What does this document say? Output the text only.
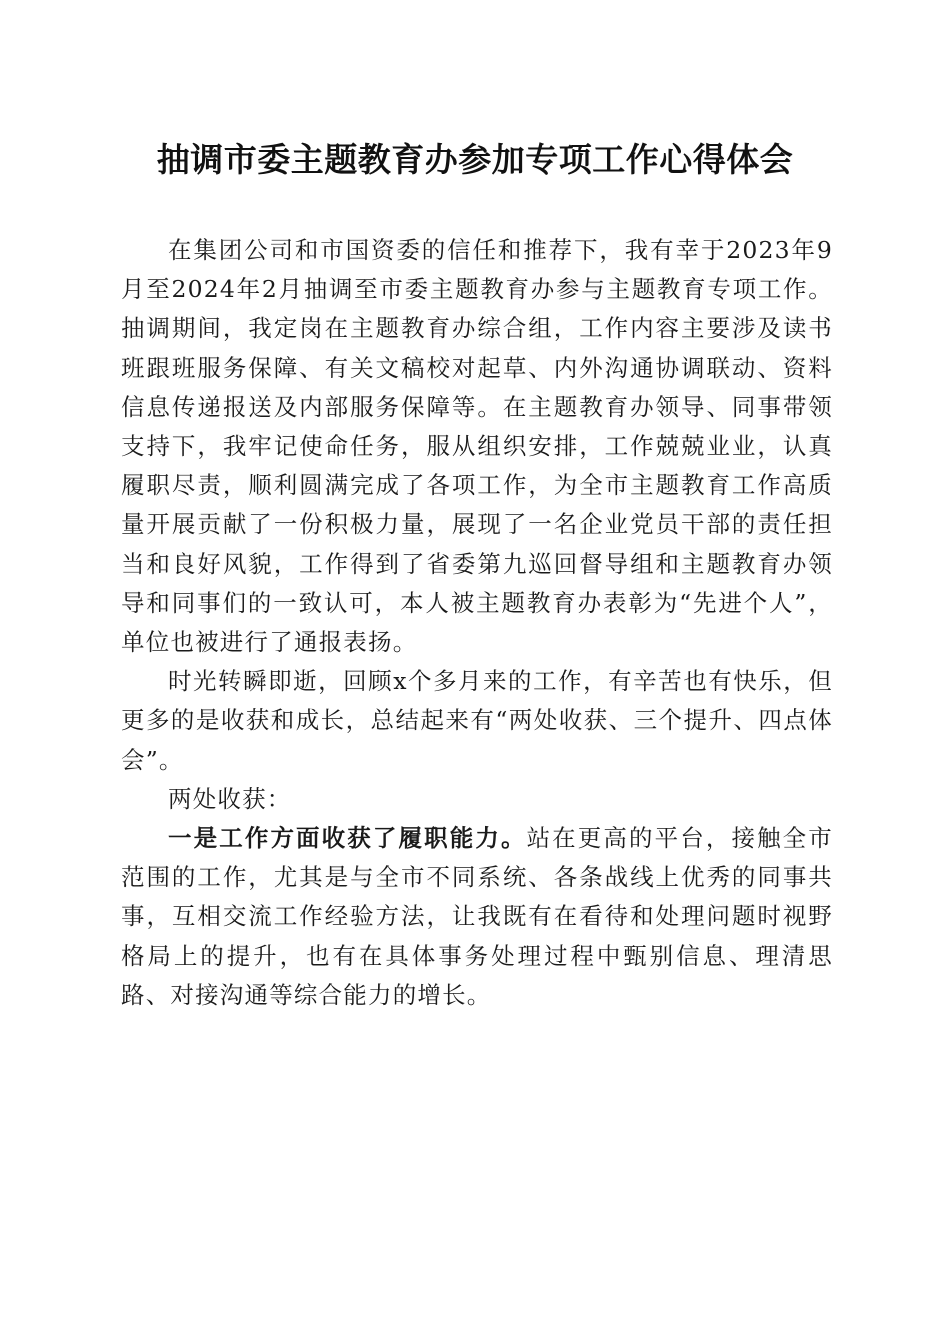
抽调市委主题教育办参加专项工作心得体会

在集团公司和市国资委的信任和推荐下，我有幸于2023年9月至2024年2月抽调至市委主题教育办参与主题教育专项工作。抽调期间，我定岗在主题教育办综合组，工作内容主要涉及读书班跟班服务保障、有关文稿校对起草、内外沟通协调联动、资料信息传递报送及内部服务保障等。在主题教育办领导、同事带领支持下，我牢记使命任务，服从组织安排，工作兢兢业业，认真履职尽责，顺利圆满完成了各项工作，为全市主题教育工作高质量开展贡献了一份积极力量，展现了一名企业党员干部的责任担当和良好风貌，工作得到了省委第九巡回督导组和主题教育办领导和同事们的一致认可，本人被主题教育办表彰为“先进个人”，单位也被进行了通报表扬。

时光转瞬即逝，回顾x个多月来的工作，有辛苦也有快乐，但更多的是收获和成长，总结起来有“两处收获、三个提升、四点体会”。

两处收获：

一是工作方面收获了履职能力。站在更高的平台，接触全市范围的工作，尤其是与全市不同系统、各条战线上优秀的同事共事，互相交流工作经验方法，让我既有在看待和处理问题时视野格局上的提升，也有在具体事务处理过程中甄别信息、理清思路、对接沟通等综合能力的增长。
